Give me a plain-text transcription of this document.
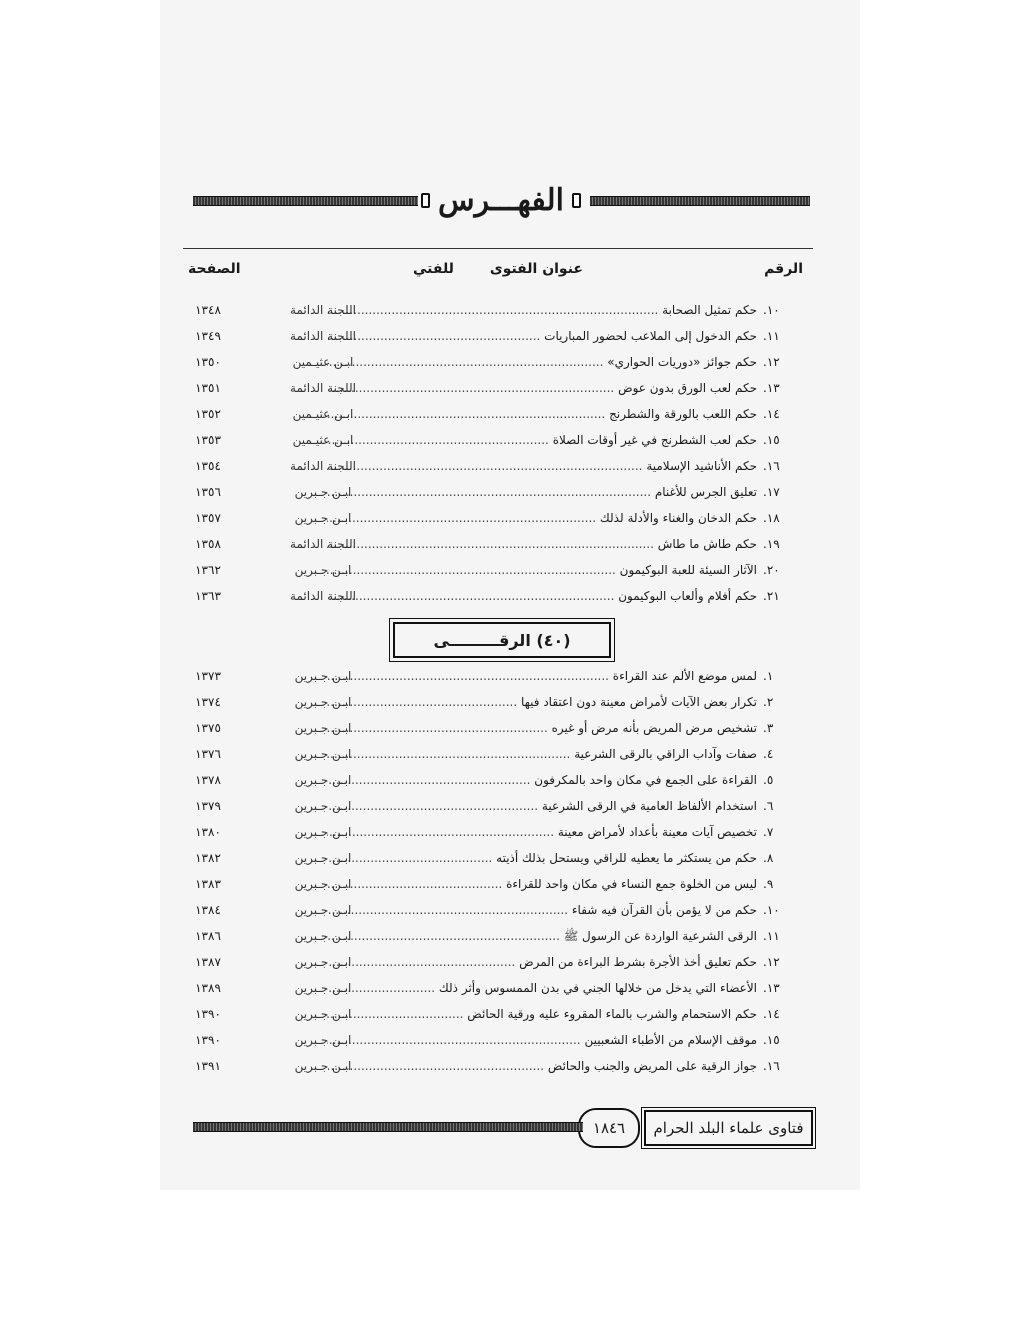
الفهـــرس
الرقم
عنوان الفتوى
للفتي
الصفحة
١٠.
حكم تمثيل الصحابة .....
اللجنة الدائمة
١٣٤٨
١١.
حكم الدخول إلى الملاعب لحضور المباريات .....
اللجنة الدائمة
١٣٤٩
١٢.
حكم جوائز «دوريات الحواري» .....
ابـن عثيـمين
١٣٥٠
١٣.
حكم لعب الورق بدون عوض .....
اللجنة الدائمة
١٣٥١
١٤.
حكم اللعب بالورقة والشطرنج .....
ابـن عثيـمين
١٣٥٢
١٥.
حكم لعب الشطرنج في غير أوقات الصلاة .....
ابـن عثيـمين
١٣٥٣
١٦.
حكم الأناشيد الإسلامية .....
اللجنة الدائمة
١٣٥٤
١٧.
تعليق الجرس للأغنام .....
ابـن جـبرين
١٣٥٦
١٨.
حكم الدخان والغناء والأدلة لذلك .....
ابـن جـبرين
١٣٥٧
١٩.
حكم طاش ما طاش .....
اللجنة الدائمة
١٣٥٨
٢٠.
الآثار السيئة للعبة البوكيمون .....
ابـن جـبرين
١٣٦٢
٢١.
حكم أفلام وألعاب البوكيمون .....
اللجنة الدائمة
١٣٦٣
(٤٠) الرقـــــــــى
١.
لمس موضع الألم عند القراءة .....
ابـن جـبرين
١٣٧٣
٢.
تكرار بعض الآيات لأمراض معينة دون اعتقاد فيها .....
ابـن جـبرين
١٣٧٤
٣.
تشخيص مرض المريض بأنه مرض أو غيره .....
ابـن جـبرين
١٣٧٥
٤.
صفات وآداب الراقي بالرقى الشرعية .....
ابـن جـبرين
١٣٧٦
٥.
القراءة على الجمع في مكان واحد بالمكرفون .....
ابـن جـبرين
١٣٧٨
٦.
استخدام الألفاظ العامية في الرقى الشرعية .....
ابـن جـبرين
١٣٧٩
٧.
تخصيص آيات معينة بأعداد لأمراض معينة .....
ابـن جـبرين
١٣٨٠
٨.
حكم من يستكثر ما يعطيه للراقي ويستحل بذلك أذيته .....
ابـن جـبرين
١٣٨٢
٩.
ليس من الخلوة جمع النساء في مكان واحد للقراءة .....
ابـن جـبرين
١٣٨٣
١٠.
حكم من لا يؤمن بأن القرآن فيه شفاء .....
ابـن جـبرين
١٣٨٤
١١.
الرقى الشرعية الواردة عن الرسول ﷺ .....
ابـن جـبرين
١٣٨٦
١٢.
حكم تعليق أخذ الأجرة بشرط البراءة من المرض .....
ابـن جـبرين
١٣٨٧
١٣.
الأعضاء التي يدخل من خلالها الجني في بدن الممسوس وأثر ذلك .....
ابـن جـبرين
١٣٨٩
١٤.
حكم الاستحمام والشرب بالماء المقروء عليه ورقية الحائض .....
ابـن جـبرين
١٣٩٠
١٥.
موقف الإسلام من الأطباء الشعبيين .....
ابـن جـبرين
١٣٩٠
١٦.
جواز الرقية على المريض والجنب والحائض .....
ابـن جـبرين
١٣٩١
فتاوى علماء البلد الحرام
١٨٤٦
